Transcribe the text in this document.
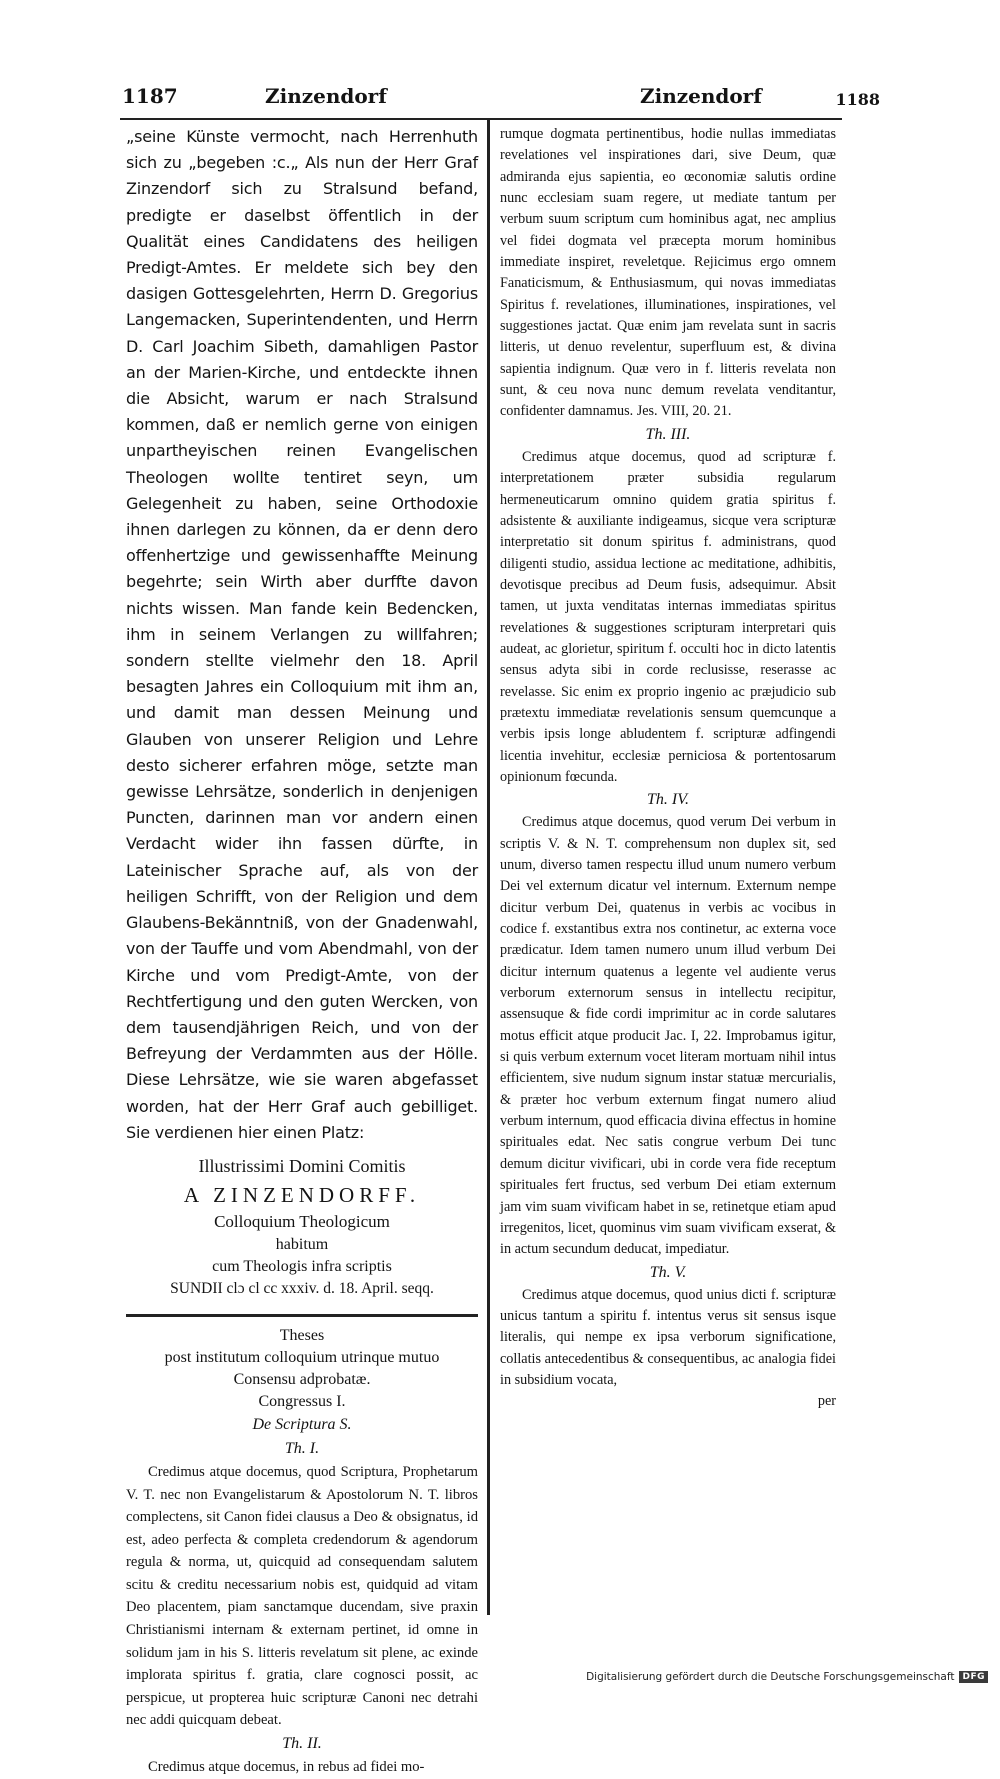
1187	Zinzendorf	Zinzendorf	1188

„seine Künste vermocht, nach Herrenhuth sich zu „begeben :c.„ Als nun der Herr Graf Zinzendorf sich zu Stralsund befand, predigte er daselbst öffentlich in der Qualität eines Candidatens des heiligen Predigt-Amtes. Er meldete sich bey den dasigen Gottesgelehrten, Herrn D. Gregorius Langemacken, Superintendenten, und Herrn D. Carl Joachim Sibeth, damahligen Pastor an der Marien-Kirche, und entdeckte ihnen die Absicht, warum er nach Stralsund kommen, daß er nemlich gerne von einigen unpartheyischen reinen Evangelischen Theologen wollte tentiret seyn, um Gelegenheit zu haben, seine Orthodoxie ihnen darlegen zu können, da er denn dero offenhertzige und gewissenhaffte Meinung begehrte; sein Wirth aber durffte davon nichts wissen. Man fande kein Bedencken, ihm in seinem Verlangen zu willfahren; sondern stellte vielmehr den 18. April besagten Jahres ein Colloquium mit ihm an, und damit man dessen Meinung und Glauben von unserer Religion und Lehre desto sicherer erfahren möge, setzte man gewisse Lehrsätze, sonderlich in denjenigen Puncten, darinnen man vor andern einen Verdacht wider ihn fassen dürfte, in Lateinischer Sprache auf, als von der heiligen Schrifft, von der Religion und dem Glaubens-Bekänntniß, von der Gnadenwahl, von der Tauffe und vom Abendmahl, von der Kirche und vom Predigt-Amte, von der Rechtfertigung und den guten Wercken, von dem tausendjährigen Reich, und von der Befreyung der Verdammten aus der Hölle. Diese Lehrsätze, wie sie waren abgefasset worden, hat der Herr Graf auch gebilliget. Sie verdienen hier einen Platz:

Illustrissimi Domini Comitis

A ZINZENDORFF.

Colloquium Theologicum

habitum

cum Theologis infra scriptis

SUNDII clɔ cl cc xxxiv. d. 18. April. seqq.

Theses

post institutum colloquium utrinque mutuo

Consensu adprobatæ.

Congressus I.

De Scriptura S.

Th. I.

Credimus atque docemus, quod Scriptura, Prophetarum V. T. nec non Evangelistarum & Apostolorum N. T. libros complectens, sit Canon fidei clausus a Deo & obsignatus, id est, adeo perfecta & completa credendorum & agendorum regula & norma, ut, quicquid ad consequendam salutem scitu & creditu necessarium nobis est, quidquid ad vitam Deo placentem, piam sanctamque ducendam, sive praxin Christianismi internam & externam pertinet, id omne in solidum jam in his S. litteris revelatum sit plene, ac exinde implorata spiritus f. gratia, clare cognosci possit, ac perspicue, ut propterea huic scripturæ Canoni nec detrahi nec addi quicquam debeat.

Th. II.

Credimus atque docemus, in rebus ad fidei mo-

rumque dogmata pertinentibus, hodie nullas immediatas revelationes vel inspirationes dari, sive Deum, quæ admiranda ejus sapientia, eo œconomiæ salutis ordine nunc ecclesiam suam regere, ut mediate tantum per verbum suum scriptum cum hominibus agat, nec amplius vel fidei dogmata vel præcepta morum hominibus immediate inspiret, reveletque. Rejicimus ergo omnem Fanaticismum, & Enthusiasmum, qui novas immediatas Spiritus f. revelationes, illuminationes, inspirationes, vel suggestiones jactat. Quæ enim jam revelata sunt in sacris litteris, ut denuo revelentur, superfluum est, & divina sapientia indignum. Quæ vero in f. litteris revelata non sunt, & ceu nova nunc demum revelata venditantur, confidenter damnamus. Jes. VIII, 20. 21.

Th. III.

Credimus atque docemus, quod ad scripturæ f. interpretationem præter subsidia regularum hermeneuticarum omnino quidem gratia spiritus f. adsistente & auxiliante indigeamus, sicque vera scripturæ interpretatio sit donum spiritus f. administrans, quod diligenti studio, assidua lectione ac meditatione, adhibitis, devotisque precibus ad Deum fusis, adsequimur. Absit tamen, ut juxta venditatas internas immediatas spiritus revelationes & suggestiones scripturam interpretari quis audeat, ac glorietur, spiritum f. occulti hoc in dicto latentis sensus adyta sibi in corde reclusisse, reserasse ac revelasse. Sic enim ex proprio ingenio ac præjudicio sub prætextu immediatæ revelationis sensum quemcunque a verbis ipsis longe abludentem f. scripturæ adfingendi licentia invehitur, ecclesiæ perniciosa & portentosarum opinionum fœcunda.

Th. IV.

Credimus atque docemus, quod verum Dei verbum in scriptis V. & N. T. comprehensum non duplex sit, sed unum, diverso tamen respectu illud unum numero verbum Dei vel externum dicatur vel internum. Externum nempe dicitur verbum Dei, quatenus in verbis ac vocibus in codice f. exstantibus extra nos continetur, ac externa voce prædicatur. Idem tamen numero unum illud verbum Dei dicitur internum quatenus a legente vel audiente verus verborum externorum sensus in intellectu recipitur, assensuque & fide cordi imprimitur ac in corde salutares motus efficit atque producit Jac. I, 22. Improbamus igitur, si quis verbum externum vocet literam mortuam nihil intus efficientem, sive nudum signum instar statuæ mercurialis, & præter hoc verbum externum fingat numero aliud verbum internum, quod efficacia divina effectus in homine spirituales edat. Nec satis congrue verbum Dei tunc demum dicitur vivificari, ubi in corde vera fide receptum spirituales fert fructus, sed verbum Dei etiam externum jam vim suam vivificam habet in se, retinetque etiam apud irregenitos, licet, quominus vim suam vivificam exserat, & in actum secundum deducat, impediatur.

Th. V.

Credimus atque docemus, quod unius dicti f. scripturæ unicus tantum a spiritu f. intentus verus sit sensus isque literalis, qui nempe ex ipsa verborum significatione, collatis antecedentibus & consequentibus, ac analogia fidei in subsidium vocata,

per

Digitalisierung gefördert durch die Deutsche Forschungsgemeinschaft DFG
